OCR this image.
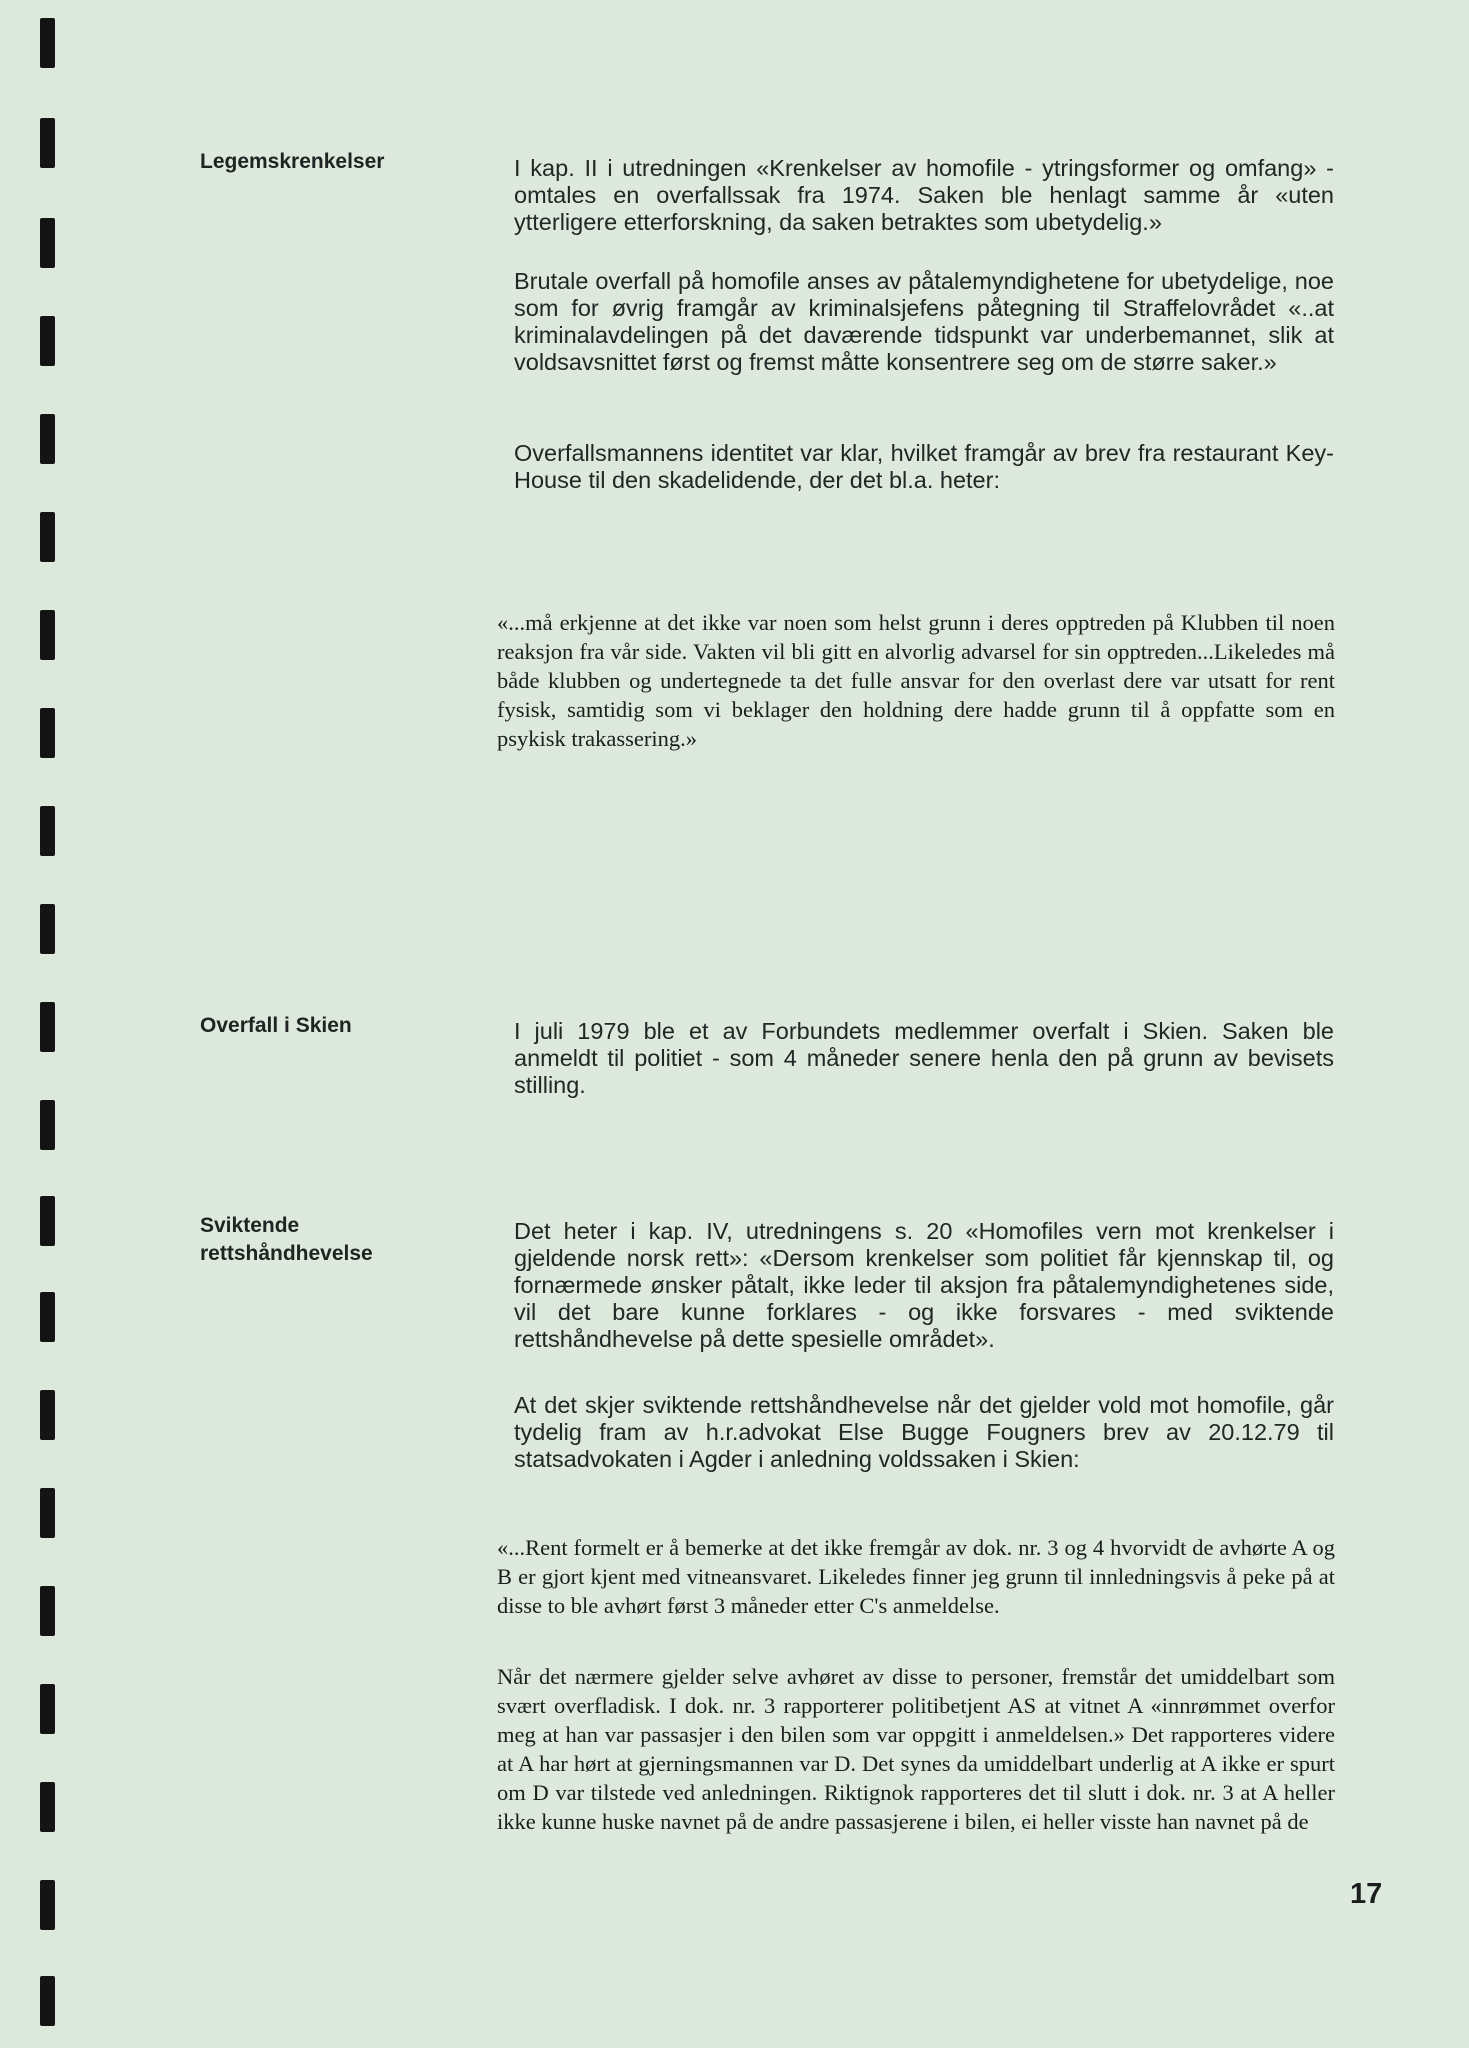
Legemskrenkelser	I kap. II i utredningen «Krenkelser av homofile - ytringsformer og omfang» - omtales en overfallssak fra 1974. Saken ble henlagt samme år «uten ytterligere etterforskning, da saken betraktes som ubetydelig.»
Brutale overfall på homofile anses av påtalemyndighetene for ubetydelige, noe som for øvrig framgår av kriminalsjefens påtegning til Straffelovrådet «..at kriminalavdelingen på det daværende tidspunkt var underbemannet, slik at voldsavsnittet først og fremst måtte konsentrere seg om de større saker.»
Overfallsmannens identitet var klar, hvilket framgår av brev fra restaurant Key-House til den skadelidende, der det bl.a. heter:
«...må erkjenne at det ikke var noen som helst grunn i deres opptreden på Klubben til noen reaksjon fra vår side. Vakten vil bli gitt en alvorlig advarsel for sin opptreden...Likeledes må både klubben og undertegnede ta det fulle ansvar for den overlast dere var utsatt for rent fysisk, samtidig som vi beklager den holdning dere hadde grunn til å oppfatte som en psykisk trakassering.»
Overfall i Skien	I juli 1979 ble et av Forbundets medlemmer overfalt i Skien. Saken ble anmeldt til politiet - som 4 måneder senere henla den på grunn av bevisets stilling.
Sviktende rettshåndhevelse
Det heter i kap. IV, utredningens s. 20 «Homofiles vern mot krenkelser i gjeldende norsk rett»: «Dersom krenkelser som politiet får kjennskap til, og fornærmede ønsker påtalt, ikke leder til aksjon fra påtalemyndighetenes side, vil det bare kunne forklares - og ikke forsvares - med sviktende rettshåndhevelse på dette spesielle området».
At det skjer sviktende rettshåndhevelse når det gjelder vold mot homofile, går tydelig fram av h.r.advokat Else Bugge Fougners brev av 20.12.79 til statsadvokaten i Agder i anledning voldssaken i Skien:
«...Rent formelt er å bemerke at det ikke fremgår av dok. nr. 3 og 4 hvorvidt de avhørte A og B er gjort kjent med vitneansvaret. Likeledes finner jeg grunn til innledningsvis å peke på at disse to ble avhørt først 3 måneder etter C's anmeldelse.
Når det nærmere gjelder selve avhøret av disse to personer, fremstår det umiddelbart som svært overfladisk. I dok. nr. 3 rapporterer politibetjent AS at vitnet A «innrømmet overfor meg at han var passasjer i den bilen som var oppgitt i anmeldelsen.» Det rapporteres videre at A har hørt at gjerningsmannen var D. Det synes da umiddelbart underlig at A ikke er spurt om D var tilstede ved anledningen. Riktignok rapporteres det til slutt i dok. nr. 3 at A heller ikke kunne huske navnet på de andre passasjerene i bilen, ei heller visste han navnet på de
17
